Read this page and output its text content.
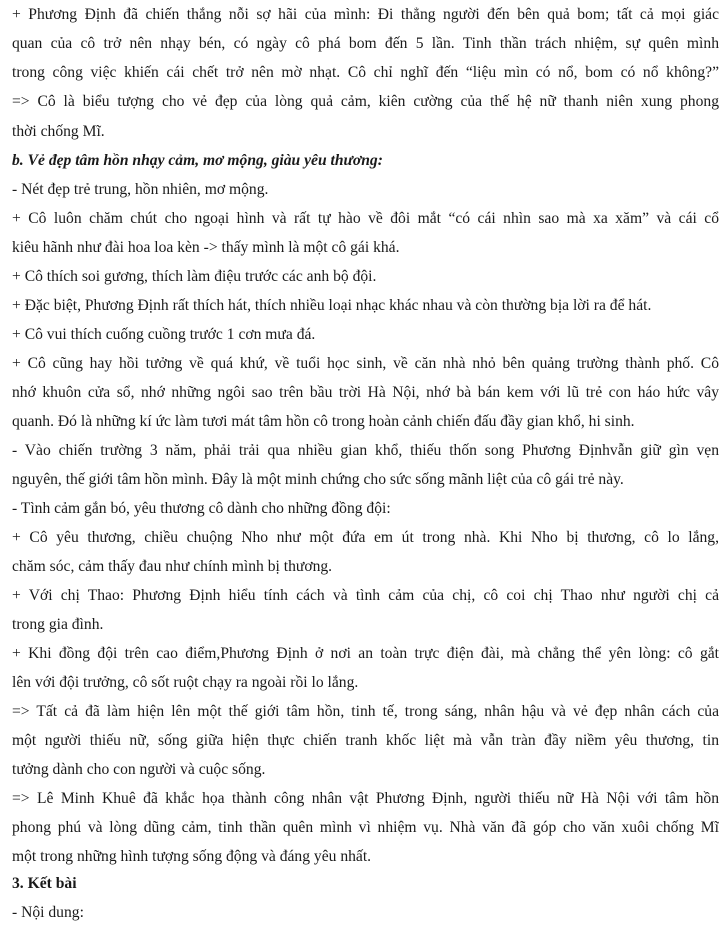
+ Phương Định đã chiến thắng nỗi sợ hãi của mình: Đi thẳng người đến bên quả bom; tất cả mọi giác
quan của cô trở nên nhạy bén, có ngày cô phá bom đến 5 lần. Tinh thần trách nhiệm, sự quên mình
trong công việc khiến cái chết trở nên mờ nhạt. Cô chỉ nghĩ đến “liệu mìn có nổ, bom có nổ không?”
=> Cô là biểu tượng cho vẻ đẹp của lòng quả cảm, kiên cường của thế hệ nữ thanh niên xung phong
thời chống Mĩ.
b. Vẻ đẹp tâm hồn nhạy cảm, mơ mộng, giàu yêu thương:
- Nét đẹp trẻ trung, hồn nhiên, mơ mộng.
+ Cô luôn chăm chút cho ngoại hình và rất tự hào về đôi mắt “có cái nhìn sao mà xa xăm” và cái cổ
kiêu hãnh như đài hoa loa kèn -> thấy mình là một cô gái khá.
+ Cô thích soi gương, thích làm điệu trước các anh bộ đội.
+ Đặc biệt, Phương Định rất thích hát, thích nhiều loại nhạc khác nhau và còn thường bịa lời ra để hát.
+ Cô vui thích cuống cuồng trước 1 cơn mưa đá.
+ Cô cũng hay hồi tưởng về quá khứ, về tuổi học sinh, về căn nhà nhỏ bên quảng trường thành phố. Cô
nhớ khuôn cửa sổ, nhớ những ngôi sao trên bầu trời Hà Nội, nhớ bà bán kem với lũ trẻ con háo hức vây
quanh. Đó là những kí ức làm tươi mát tâm hồn cô trong hoàn cảnh chiến đấu đầy gian khổ, hi sinh.
- Vào chiến trường 3 năm, phải trải qua nhiều gian khổ, thiếu thốn song Phương Địnhvẫn giữ gìn vẹn
nguyên, thế giới tâm hồn mình. Đây là một minh chứng cho sức sống mãnh liệt của cô gái trẻ này.
- Tình cảm gắn bó, yêu thương cô dành cho những đồng đội:
+ Cô yêu thương, chiều chuộng Nho như một đứa em út trong nhà. Khi Nho bị thương, cô lo lắng,
chăm sóc, cảm thấy đau như chính mình bị thương.
+ Với chị Thao: Phương Định hiểu tính cách và tình cảm của chị, cô coi chị Thao như người chị cả
trong gia đình.
+ Khi đồng đội trên cao điểm,Phương Định ở nơi an toàn trực điện đài, mà chẳng thể yên lòng: cô gắt
lên với đội trưởng, cô sốt ruột chạy ra ngoài rồi lo lắng.
=> Tất cả đã làm hiện lên một thế giới tâm hồn, tinh tế, trong sáng, nhân hậu và vẻ đẹp nhân cách của
một người thiếu nữ, sống giữa hiện thực chiến tranh khốc liệt mà vẫn tràn đầy niềm yêu thương, tin
tưởng dành cho con người và cuộc sống.
=> Lê Minh Khuê đã khắc họa thành công nhân vật Phương Định, người thiếu nữ Hà Nội với tâm hồn
phong phú và lòng dũng cảm, tinh thần quên mình vì nhiệm vụ. Nhà văn đã góp cho văn xuôi chống Mĩ
một trong những hình tượng sống động và đáng yêu nhất.
3. Kết bài
- Nội dung:
